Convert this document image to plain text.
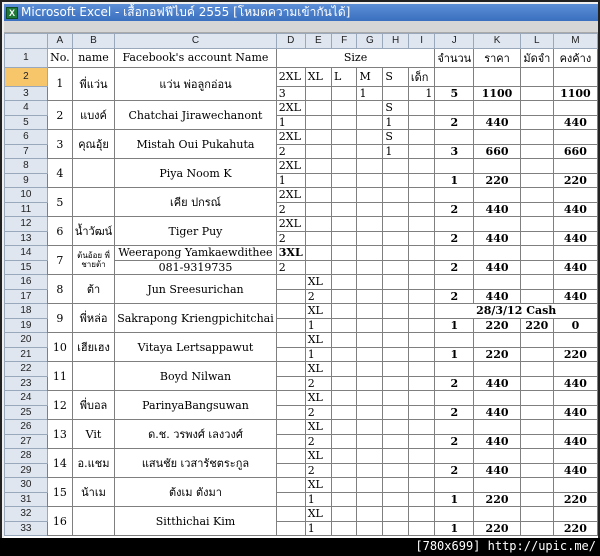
X Microsoft Excel - เสื้อกอฟฟีไบค์ 2555 [โหมดความเข้ากันได้]
	A	B	C	D	E	F	G	H	I	J	K	L	M
1	No.	name	Facebook's account Name	Size						จำนวน	ราคา	มัดจำ	คงค้าง
2	1	พี่แว่น	แว่น พ่อลูกอ่อน	2XL	XL	L	M	S	เด็ก				
3				3			1		1	5	1100		1100
4	2	แบงค์	Chatchai Jirawechanont	2XL				S					
5				1				1		2	440		440
6	3	คุณอุ้ย	Mistah Oui Pukahuta	2XL				S					
7				2				1		3	660		660
8	4		Piya Noom K	2XL									
9				1						1	220		220
10	5		เคีย ปกรณ์	2XL									
11				2						2	440		440
12	6	น้ำวัฒน์	Tiger Puy	2XL									
13				2						2	440		440
14	7	ต้นอ้อย พี่ชายต้า	Weerapong Yamkaewdithee	3XL									
15			081-9319735	2						2	440		440
16	8	ต้า	Jun Sreesurichan		XL								
17					2					2	440		440
18	9	พี่หล่อ	Sakrapong Kriengpichitchai		XL					28/3/12 Cash			
19					1					1	220	220	0
20	10	เฮียเฮง	Vitaya Lertsappawut		XL								
21					1					1	220		220
22	11		Boyd Nilwan		XL								
23					2					2	440		440
24	12	พี่บอล	ParinyaBangsuwan		XL								
25					2					2	440		440
26	13	Vit	ด.ช. วรพงศ์ เลงวงศ์		XL								
27					2					2	440		440
28	14	อ.แชม	แสนชัย เวสารัชตระกูล		XL								
29					2					2	440		440
30	15	น้าเม	ต้งเม ตังมา		XL								
31					1					1	220		220
32	16		Sitthichai Kim		XL								
33					1					1	220		220
[780x699] http://upic.me/
